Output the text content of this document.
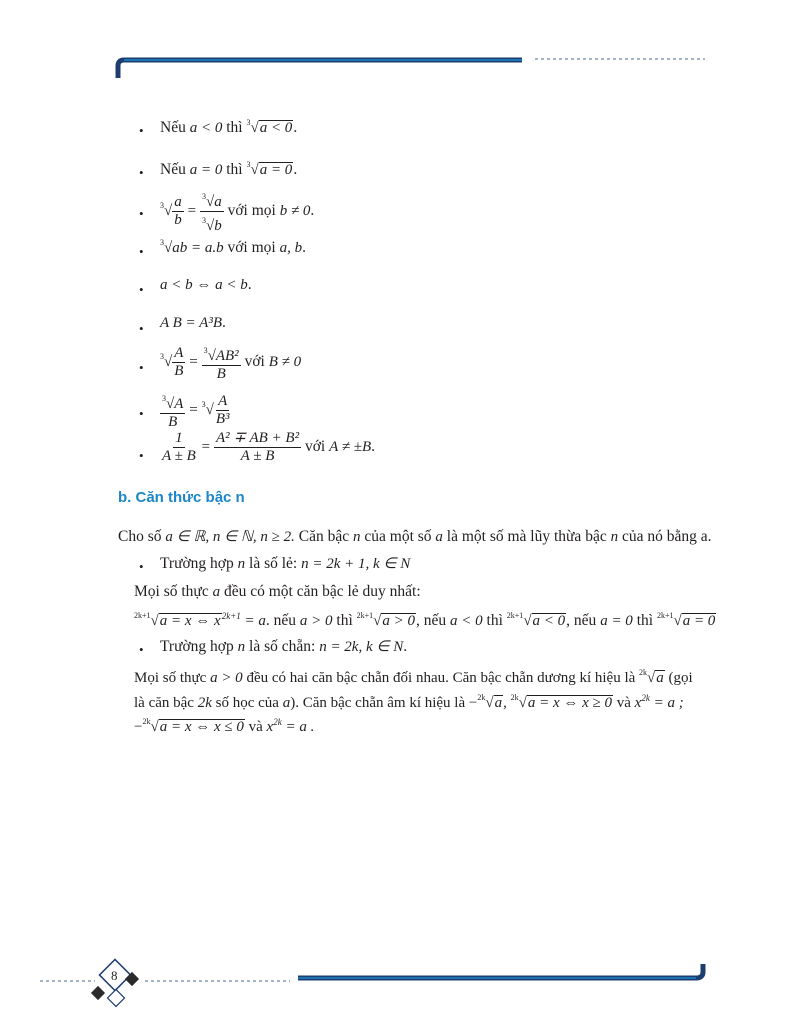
• Nếu a < 0 thì $^3$√a < 0.
• Nếu a = 0 thì $^3$√a = 0.
•
$^3√ \frac{a}{b} = \frac{^3√a}{^3√b}$ với mọi b ≠ 0.
•
$^3$√ab = a.b với mọi a, b.
• a < b ⇔ a < b.
• A B = A³B.
•
$^3√ \frac{A}{B} = \frac{^3√AB^2}{B}$ với B ≠ 0
• $\frac{^3√A}{B} = ^3√ \frac{A}{\text{B³}}$
• $\frac{1}{A \pm B} = \frac{\text{A² ∓ AB + B²}}{A \pm B}$ với A ≠ ±B.
b. Căn thức bậc n
Cho số a ∈ ℝ, n ∈ ℕ, n ≥ 2. Căn bậc n của một số a là một số mà lũy thừa bậc n của nó bằng a.
• Trường hợp n là số lẻ: n = 2k + 1, k ∈ N
Mọi số thực a đều có một căn bậc lẻ duy nhất:
$^{2k+1}$√a = x ⇔ $x^{2k+1} = a$. nếu a > 0 thì $^{2k+1}$√a > 0, nếu a < 0 thì $^{2k+1}$√a < 0, nếu a = 0 thì $^{2k+1}$√a = 0
• Trường hợp n là số chẵn: n = 2k, k ∈ N.
Mọi số thực a > 0 đều có hai căn bậc chẵn đối nhau. Căn bậc chẵn dương kí hiệu là $^{2k}$√a (gọi
là căn bậc 2k số học của a). Căn bậc chẵn âm kí hiệu là −$^{2k}$√a, $^{2k}$√a = x ⇔ x ≥ 0 và $x^{2k} = a$ ;
−$^{2k}$√a = x ⇔ x ≤ 0 và $x^{2k} = a$ .
8
